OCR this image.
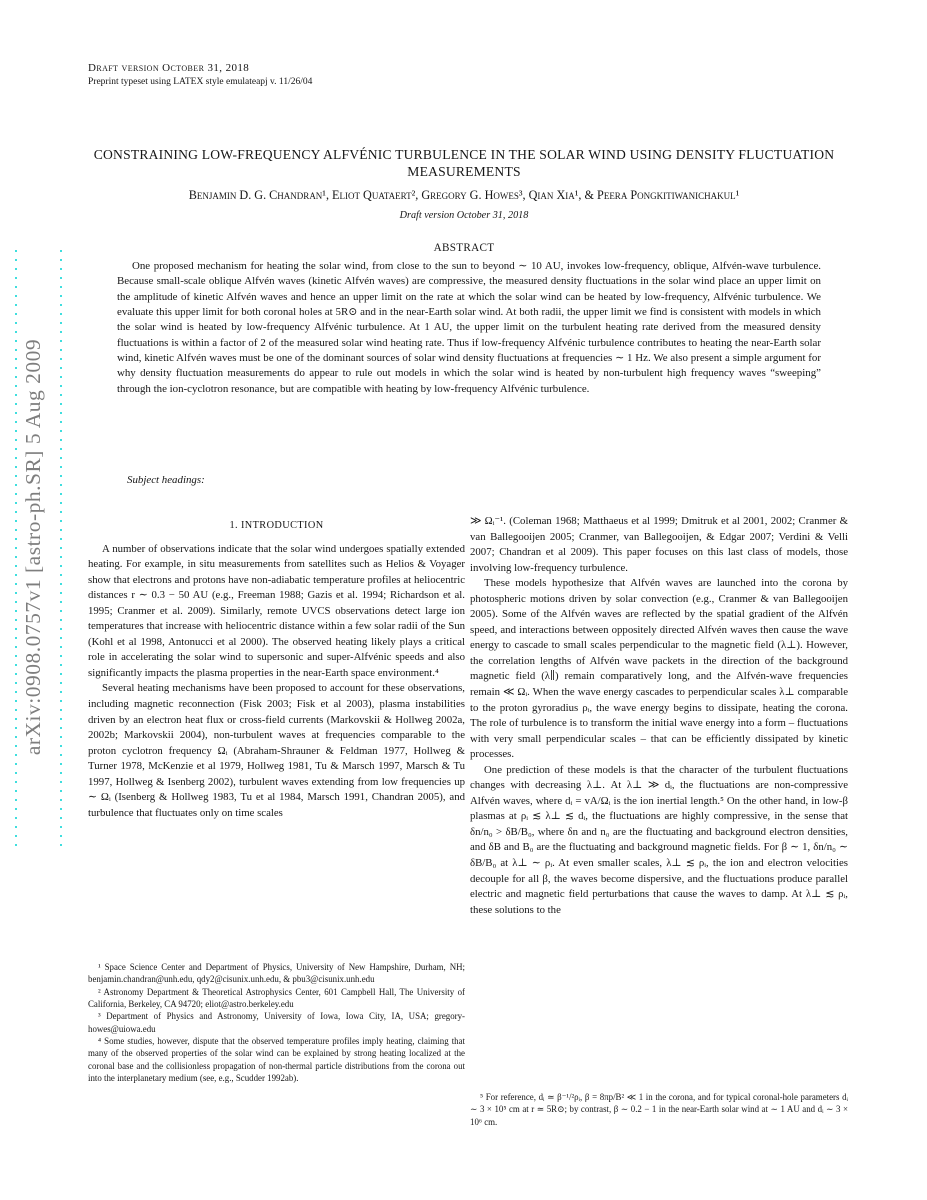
Draft version October 31, 2018
Preprint typeset using LATEX style emulateapj v. 11/26/04
arXiv:0908.0757v1 [astro-ph.SR] 5 Aug 2009
CONSTRAINING LOW-FREQUENCY ALFVÉNIC TURBULENCE IN THE SOLAR WIND USING DENSITY FLUCTUATION MEASUREMENTS
Benjamin D. G. Chandran¹, Eliot Quataert², Gregory G. Howes³, Qian Xia¹, & Peera Pongkitiwanichakul¹
Draft version October 31, 2018
ABSTRACT

One proposed mechanism for heating the solar wind, from close to the sun to beyond ∼ 10 AU, invokes low-frequency, oblique, Alfvén-wave turbulence. Because small-scale oblique Alfvén waves (kinetic Alfvén waves) are compressive, the measured density fluctuations in the solar wind place an upper limit on the amplitude of kinetic Alfvén waves and hence an upper limit on the rate at which the solar wind can be heated by low-frequency, Alfvénic turbulence. We evaluate this upper limit for both coronal holes at 5R⊙ and in the near-Earth solar wind. At both radii, the upper limit we find is consistent with models in which the solar wind is heated by low-frequency Alfvénic turbulence. At 1 AU, the upper limit on the turbulent heating rate derived from the measured density fluctuations is within a factor of 2 of the measured solar wind heating rate. Thus if low-frequency Alfvénic turbulence contributes to heating the near-Earth solar wind, kinetic Alfvén waves must be one of the dominant sources of solar wind density fluctuations at frequencies ∼ 1 Hz. We also present a simple argument for why density fluctuation measurements do appear to rule out models in which the solar wind is heated by non-turbulent high frequency waves “sweeping” through the ion-cyclotron resonance, but are compatible with heating by low-frequency Alfvénic turbulence.

Subject headings:
1. INTRODUCTION

A number of observations indicate that the solar wind undergoes spatially extended heating. For example, in situ measurements from satellites such as Helios & Voyager show that electrons and protons have non-adiabatic temperature profiles at heliocentric distances r ∼ 0.3 − 50 AU (e.g., Freeman 1988; Gazis et al. 1994; Richardson et al. 1995; Cranmer et al. 2009). Similarly, remote UVCS observations detect large ion temperatures that increase with heliocentric distance within a few solar radii of the Sun (Kohl et al 1998, Antonucci et al 2000). The observed heating likely plays a critical role in accelerating the solar wind to supersonic and super-Alfvénic speeds and also significantly impacts the plasma properties in the near-Earth space environment.⁴

Several heating mechanisms have been proposed to account for these observations, including magnetic reconnection (Fisk 2003; Fisk et al 2003), plasma instabilities driven by an electron heat flux or cross-field currents (Markovskii & Hollweg 2002a, 2002b; Markovskii 2004), non-turbulent waves at frequencies comparable to the proton cyclotron frequency Ωᵢ (Abraham-Shrauner & Feldman 1977, Hollweg & Turner 1978, McKenzie et al 1979, Hollweg 1981, Tu & Marsch 1997, Marsch & Tu 1997, Hollweg & Isenberg 2002), turbulent waves extending from low frequencies up ∼ Ωᵢ (Isenberg & Hollweg 1983, Tu et al 1984, Marsch 1991, Chandran 2005), and turbulence that fluctuates only on time scales

≫ Ωᵢ⁻¹. (Coleman 1968; Matthaeus et al 1999; Dmitruk et al 2001, 2002; Cranmer & van Ballegooijen 2005; Cranmer, van Ballegooijen, & Edgar 2007; Verdini & Velli 2007; Chandran et al 2009). This paper focuses on this last class of models, those involving low-frequency turbulence.

These models hypothesize that Alfvén waves are launched into the corona by photospheric motions driven by solar convection (e.g., Cranmer & van Ballegooijen 2005). Some of the Alfvén waves are reflected by the spatial gradient of the Alfvén speed, and interactions between oppositely directed Alfvén waves then cause the wave energy to cascade to small scales perpendicular to the magnetic field (λ⊥). However, the correlation lengths of Alfvén wave packets in the direction of the background magnetic field (λ∥) remain comparatively long, and the Alfvén-wave frequencies remain ≪ Ωᵢ. When the wave energy cascades to perpendicular scales λ⊥ comparable to the proton gyroradius ρᵢ, the wave energy begins to dissipate, heating the corona. The role of turbulence is to transform the initial wave energy into a form – fluctuations with very small perpendicular scales – that can be efficiently dissipated by kinetic processes.

One prediction of these models is that the character of the turbulent fluctuations changes with decreasing λ⊥. At λ⊥ ≫ dᵢ, the fluctuations are non-compressive Alfvén waves, where dᵢ = vA/Ωᵢ is the ion inertial length.⁵ On the other hand, in low-β plasmas at ρᵢ ≲ λ⊥ ≲ dᵢ, the fluctuations are highly compressive, in the sense that δn/n₀ > δB/B₀, where δn and n₀ are the fluctuating and background electron densities, and δB and B₀ are the fluctuating and background magnetic fields. For β ∼ 1, δn/n₀ ∼ δB/B₀ at λ⊥ ∼ ρᵢ. At even smaller scales, λ⊥ ≲ ρᵢ, the ion and electron velocities decouple for all β, the waves become dispersive, and the fluctuations produce parallel electric and magnetic field perturbations that cause the waves to damp. At λ⊥ ≲ ρᵢ, these solutions to the

¹ Space Science Center and Department of Physics, University of New Hampshire, Durham, NH; benjamin.chandran@unh.edu, qdy2@cisunix.unh.edu, & pbu3@cisunix.unh.edu

² Astronomy Department & Theoretical Astrophysics Center, 601 Campbell Hall, The University of California, Berkeley, CA 94720; eliot@astro.berkeley.edu

³ Department of Physics and Astronomy, University of Iowa, Iowa City, IA, USA; gregory-howes@uiowa.edu

⁴ Some studies, however, dispute that the observed temperature profiles imply heating, claiming that many of the observed properties of the solar wind can be explained by strong heating localized at the coronal base and the collisionless propagation of non-thermal particle distributions from the corona out into the interplanetary medium (see, e.g., Scudder 1992ab).

⁵ For reference, dᵢ ≃ β⁻¹/²ρᵢ, β = 8πp/B² ≪ 1 in the corona, and for typical coronal-hole parameters dᵢ ∼ 3 × 10⁵ cm at r ≃ 5R⊙; by contrast, β ∼ 0.2 − 1 in the near-Earth solar wind at ∼ 1 AU and dᵢ ∼ 3 × 10⁶ cm.
